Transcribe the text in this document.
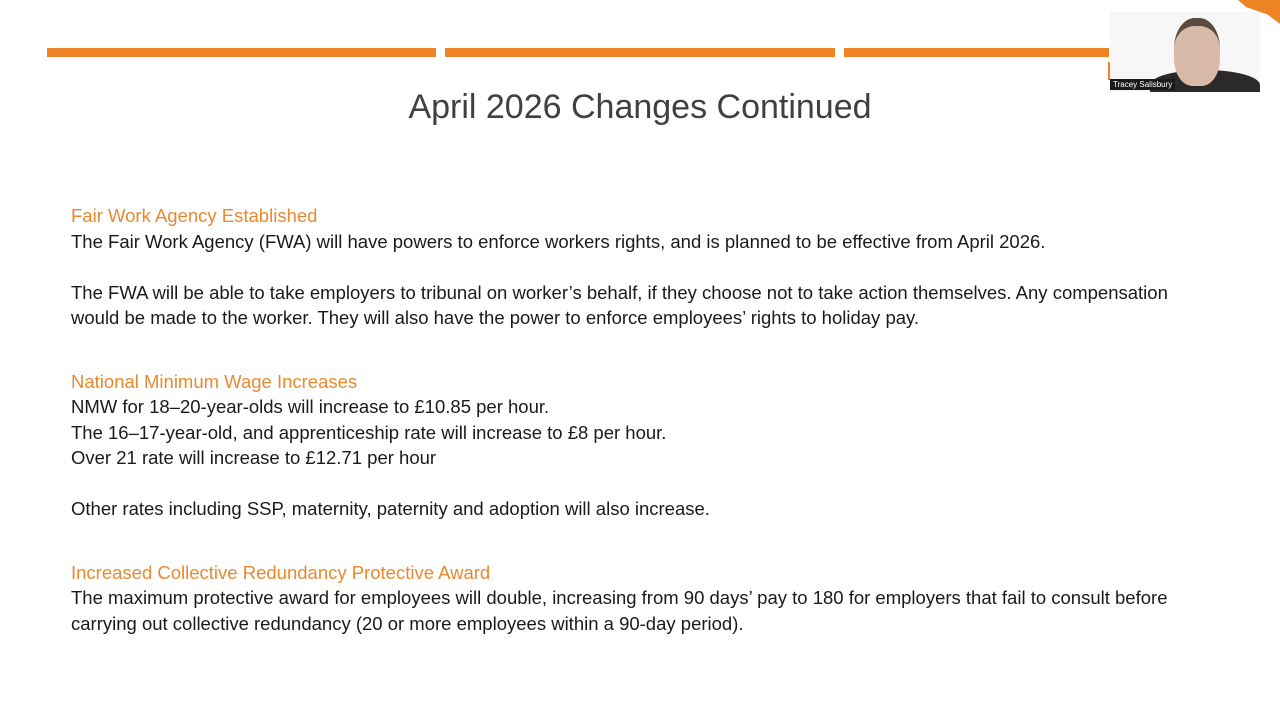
April 2026 Changes Continued
Fair Work Agency Established
The Fair Work Agency (FWA) will have powers to enforce workers rights, and is planned to be effective from April 2026.
The FWA will be able to take employers to tribunal on worker’s behalf, if they choose not to take action themselves. Any compensation would be made to the worker. They will also have the power to enforce employees’ rights to holiday pay.
National Minimum Wage Increases
NMW for 18–20-year-olds will increase to £10.85 per hour.
The 16–17-year-old, and apprenticeship rate will increase to £8 per hour.
Over 21 rate will increase to £12.71 per hour
Other rates including SSP, maternity, paternity and adoption will also increase.
Increased Collective Redundancy Protective Award
The maximum protective award for employees will double, increasing from 90 days’ pay to 180 for employers that fail to consult before carrying out collective redundancy (20 or more employees within a 90-day period).
Tracey Salisbury
